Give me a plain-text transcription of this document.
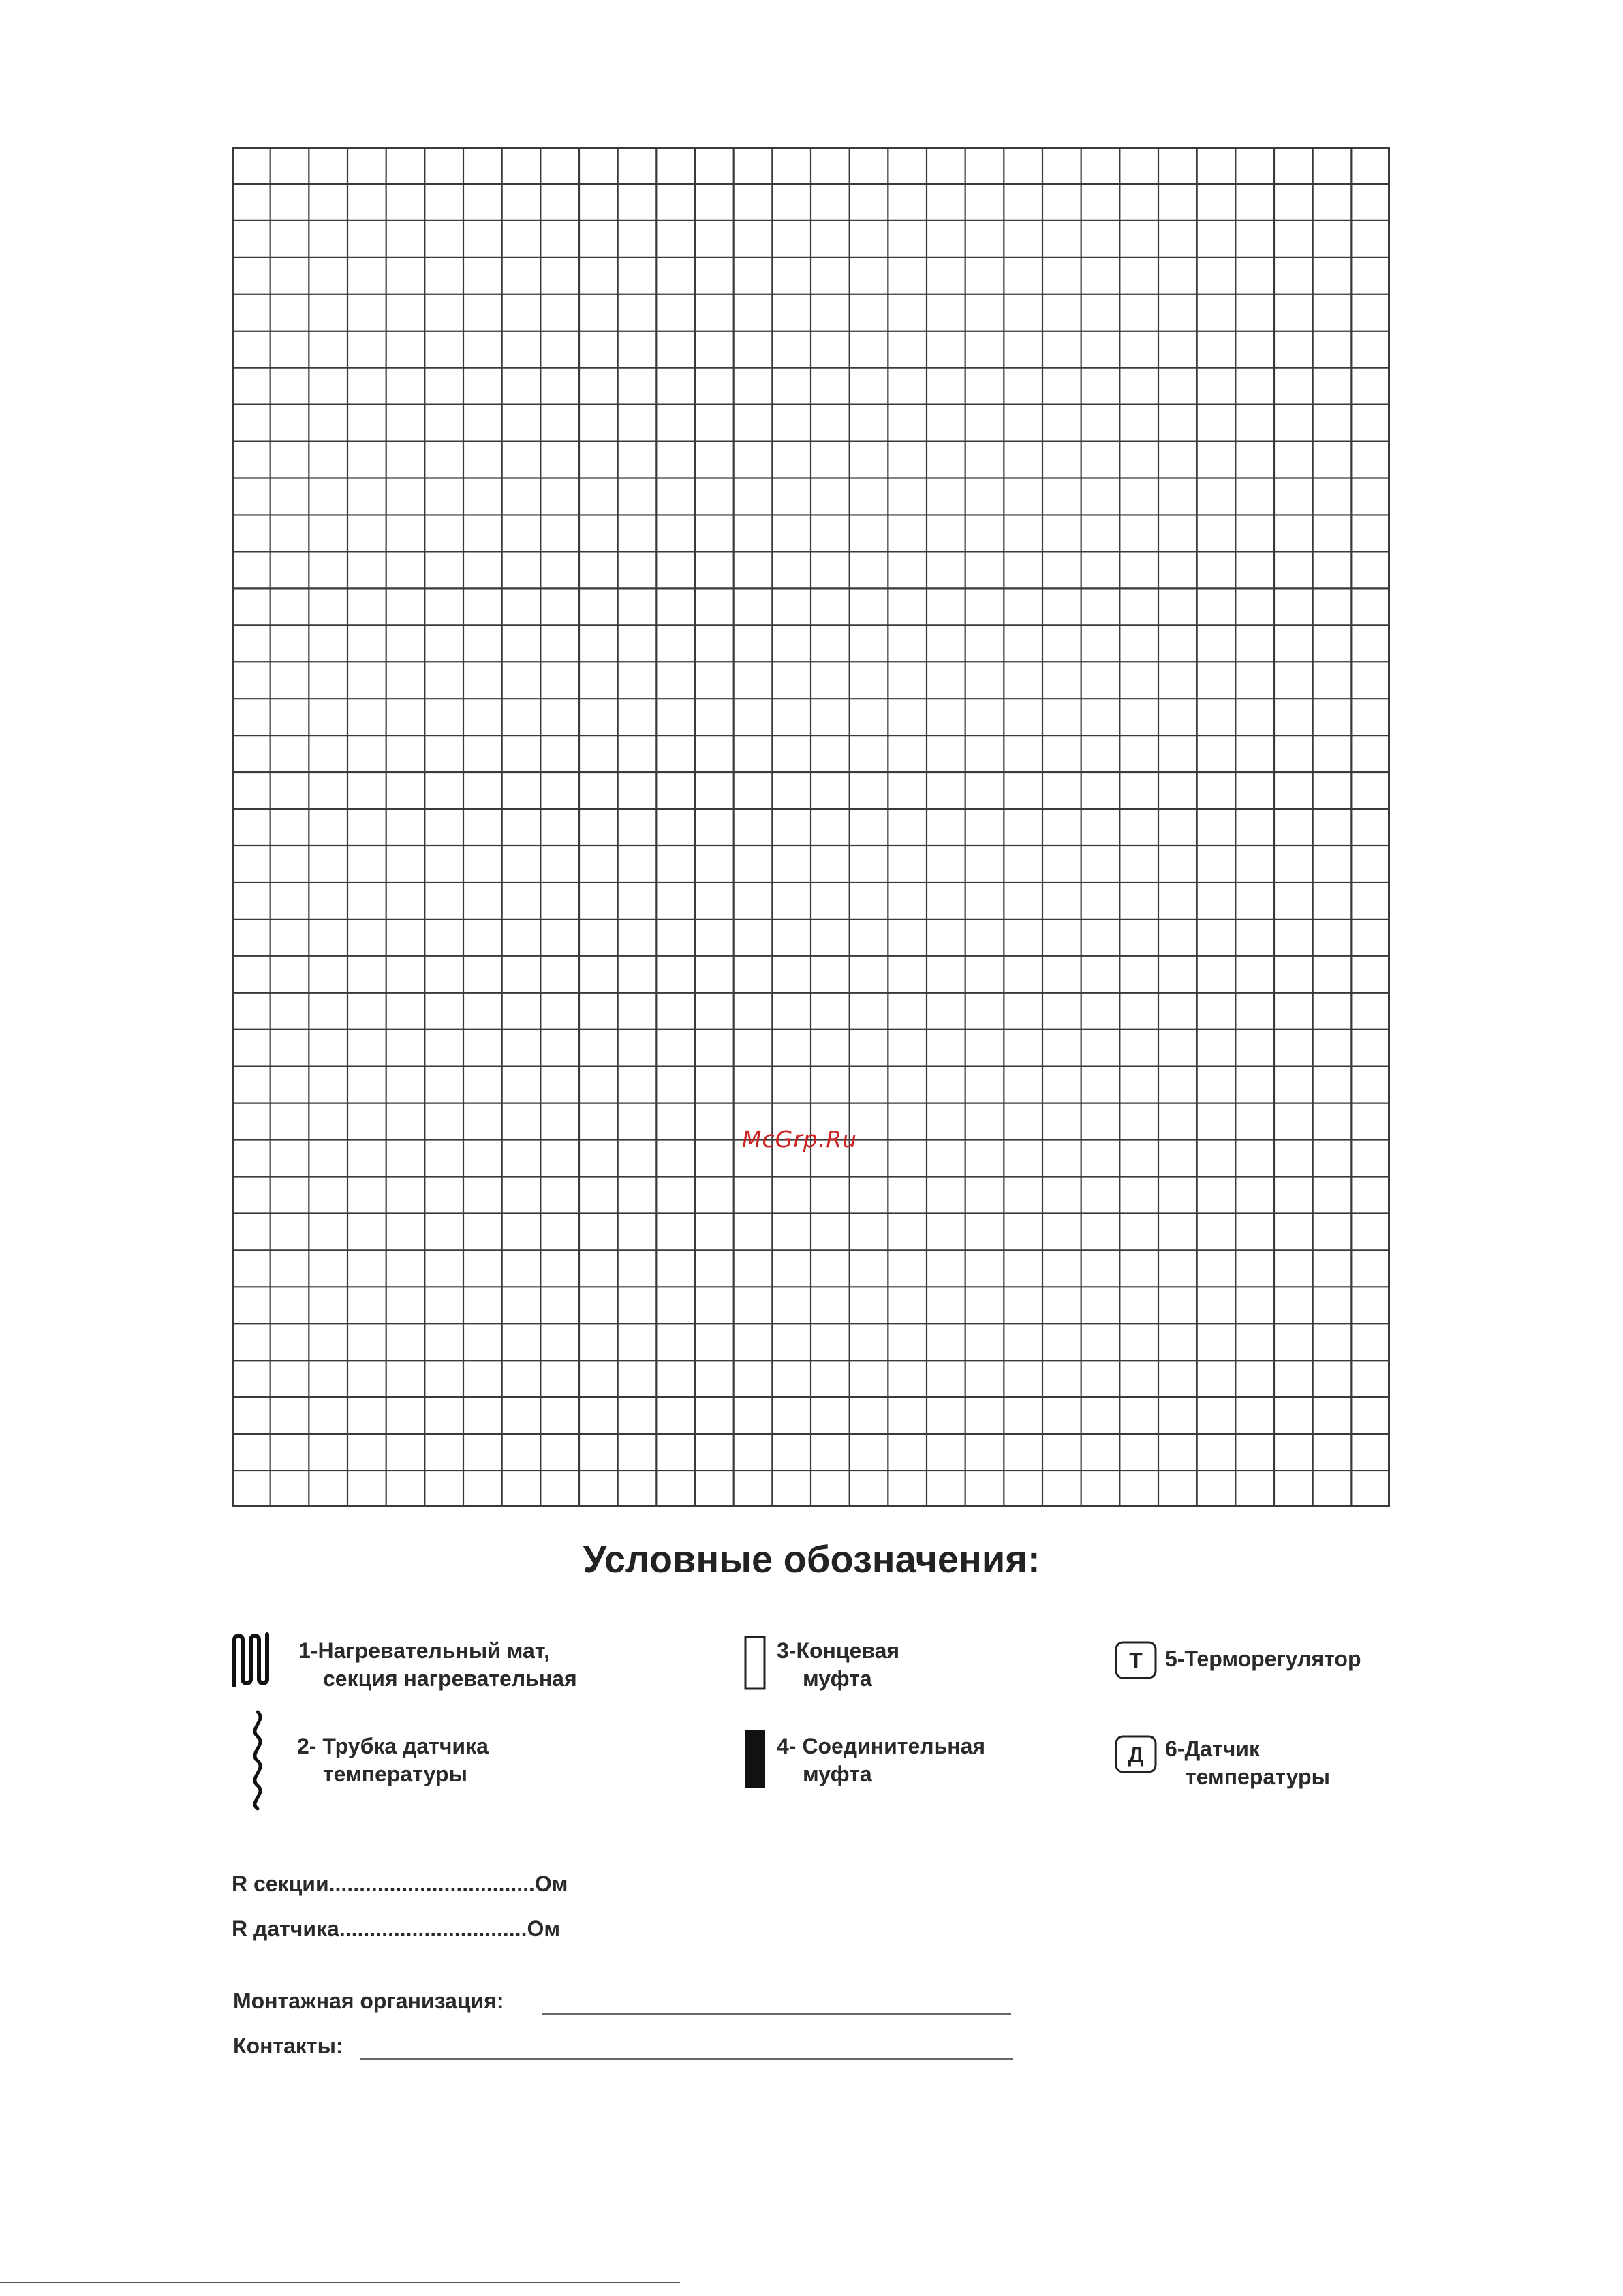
McGrp.Ru
Условные обозначения:
1-Нагревательный мат,
секция нагревательная
2- Трубка датчика
температуры
3-Концевая
муфта
4- Соединительная
муфта
Т 5-Терморегулятор
Д 6-Датчик
температуры
R секции..................................Ом
R датчика...............................Ом
Монтажная организация:
Контакты:
